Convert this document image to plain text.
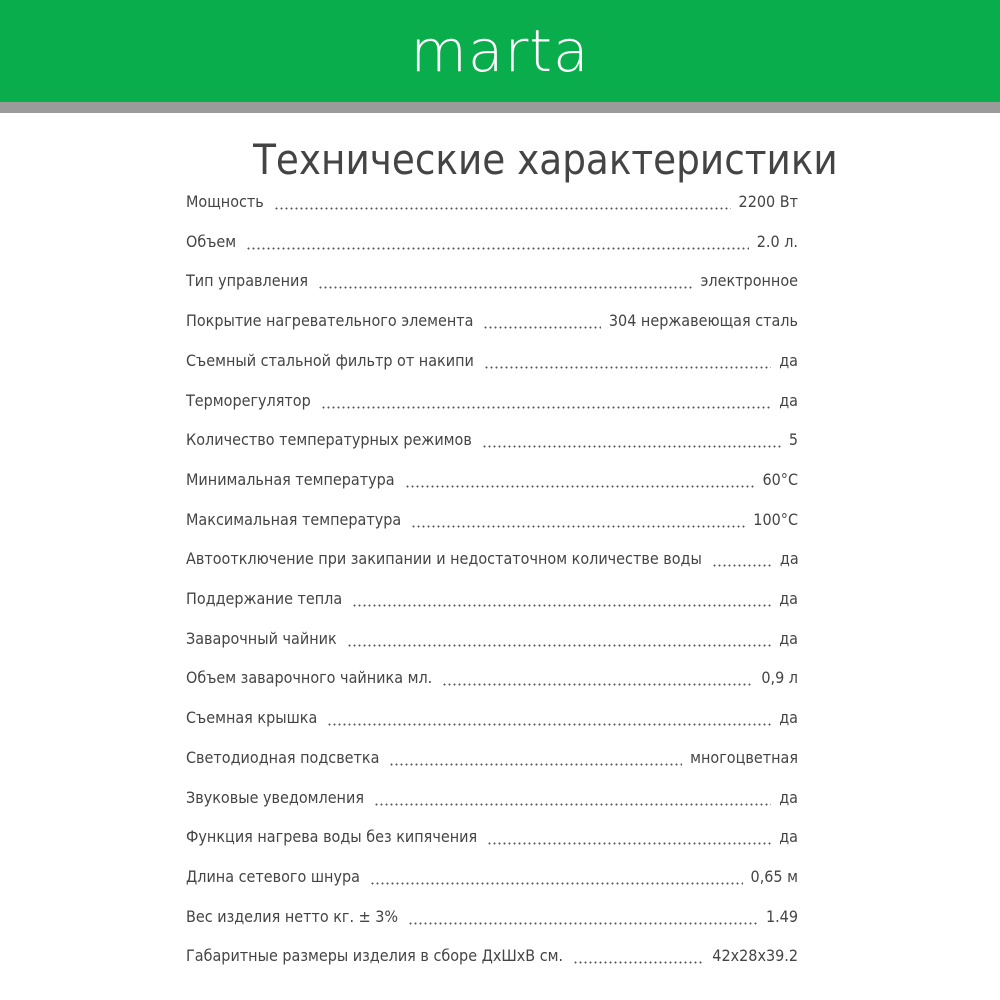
marta
Технические характеристики
Мощность	2200 Вт
Объем	2.0 л.
Тип управления	электронное
Покрытие нагревательного элемента	304 нержавеющая сталь
Съемный стальной фильтр от накипи	да
Терморегулятор	да
Количество температурных режимов	5
Минимальная температура	60°C
Максимальная температура	100°C
Автоотключение при закипании и недостаточном количестве воды	да
Поддержание тепла	да
Заварочный чайник	да
Объем заварочного чайника мл.	0,9 л
Съемная крышка	да
Светодиодная подсветка	многоцветная
Звуковые уведомления	да
Функция нагрева воды без кипячения	да
Длина сетевого шнура	0,65 м
Вес изделия нетто кг. ± 3%	1.49
Габаритные размеры изделия в сборе ДхШхВ см.	42x28x39.2
